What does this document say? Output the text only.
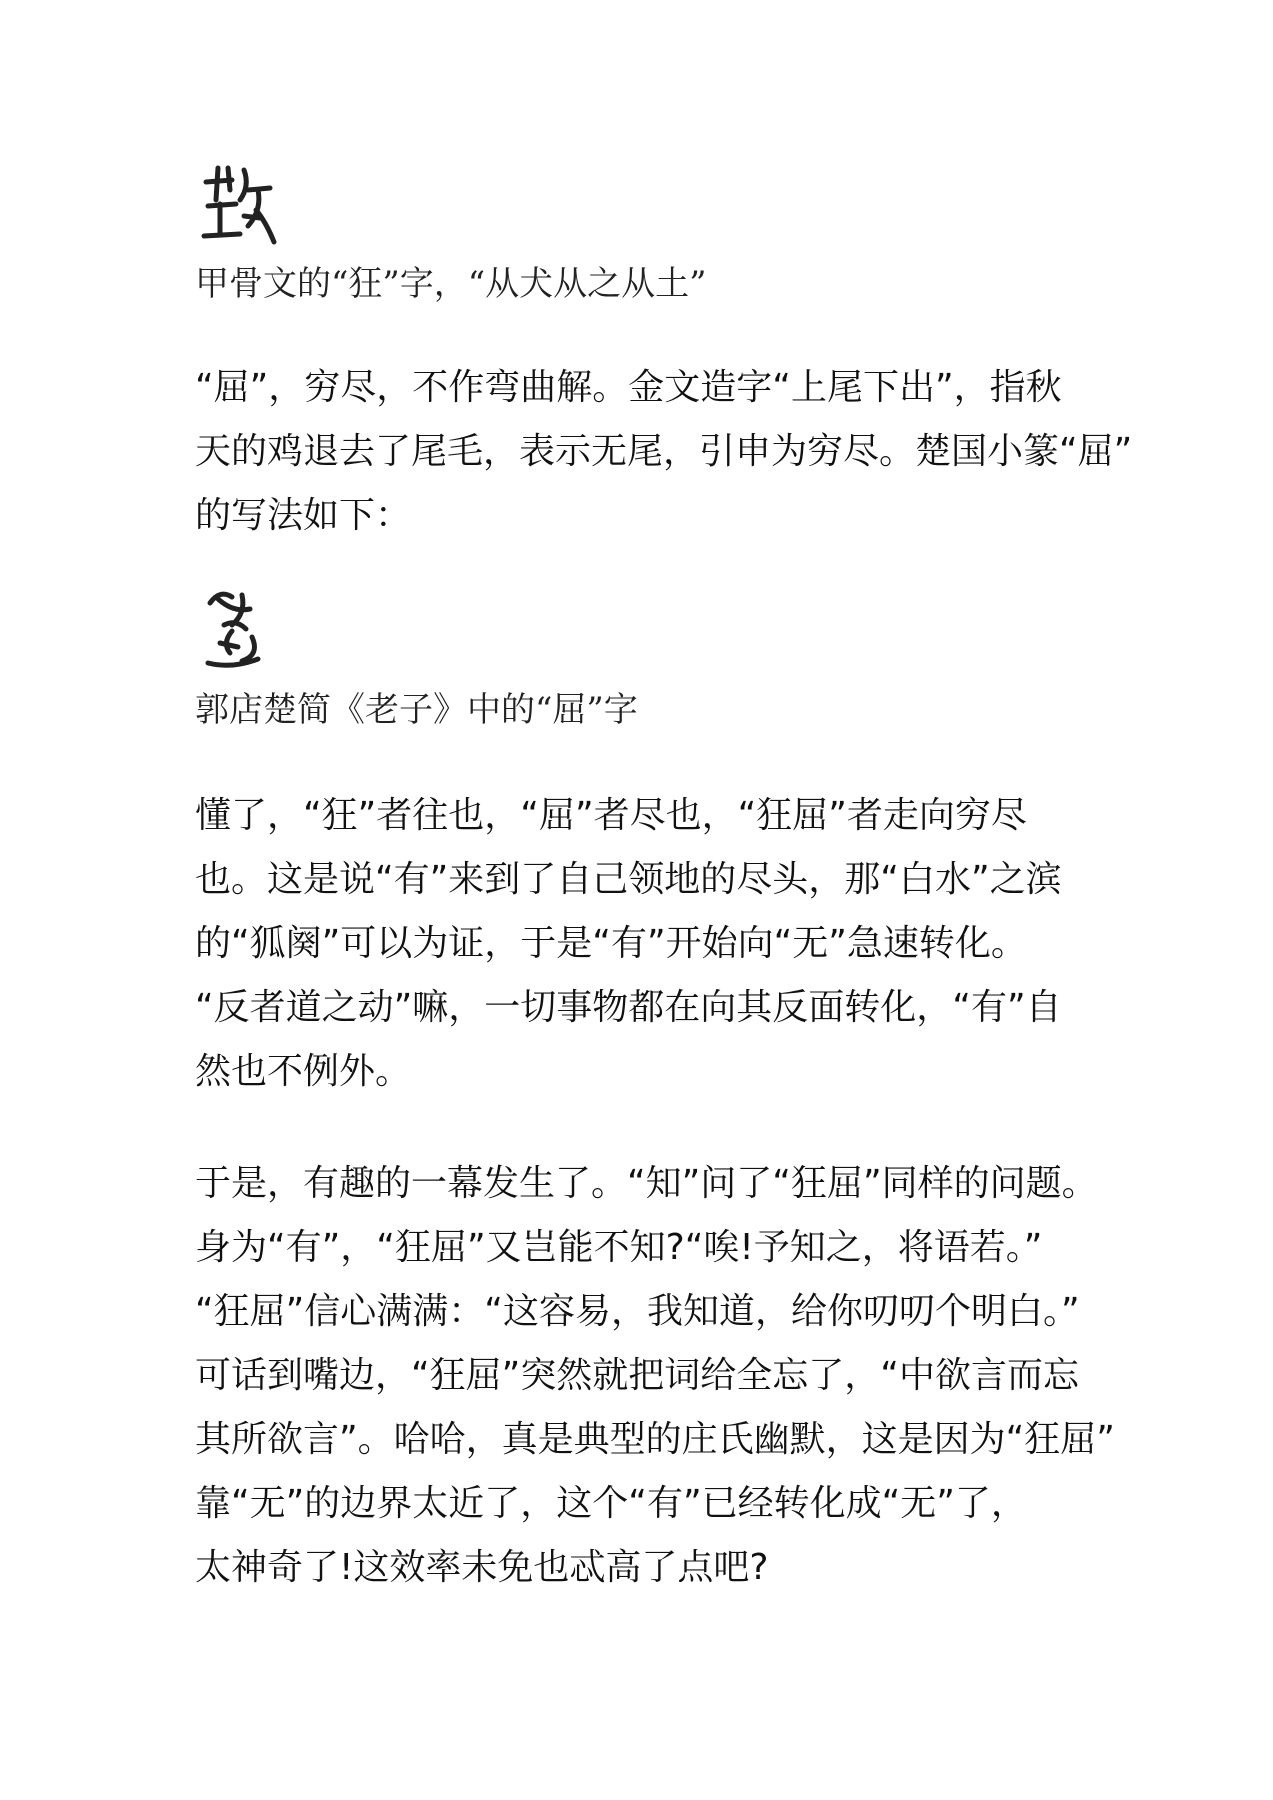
甲骨文的“狂”字，“从犬从之从土”
“屈”，穷尽，不作弯曲解。金文造字“上尾下出”，指秋
天的鸡退去了尾毛，表示无尾，引申为穷尽。楚国小篆“屈”
的写法如下：
郭店楚简《老子》中的“屈”字
懂了，“狂”者往也，“屈”者尽也，“狂屈”者走向穷尽
也。这是说“有”来到了自己领地的尽头，那“白水”之滨
的“狐阕”可以为证，于是“有”开始向“无”急速转化。
“反者道之动”嘛，一切事物都在向其反面转化，“有”自
然也不例外。
于是，有趣的一幕发生了。“知”问了“狂屈”同样的问题。
身为“有”，“狂屈”又岂能不知?“唉!予知之，将语若。”
“狂屈”信心满满：“这容易，我知道，给你叨叨个明白。”
可话到嘴边，“狂屈”突然就把词给全忘了，“中欲言而忘
其所欲言”。哈哈，真是典型的庄氏幽默，这是因为“狂屈”
靠“无”的边界太近了，这个“有”已经转化成“无”了，
太神奇了!这效率未免也忒高了点吧?
